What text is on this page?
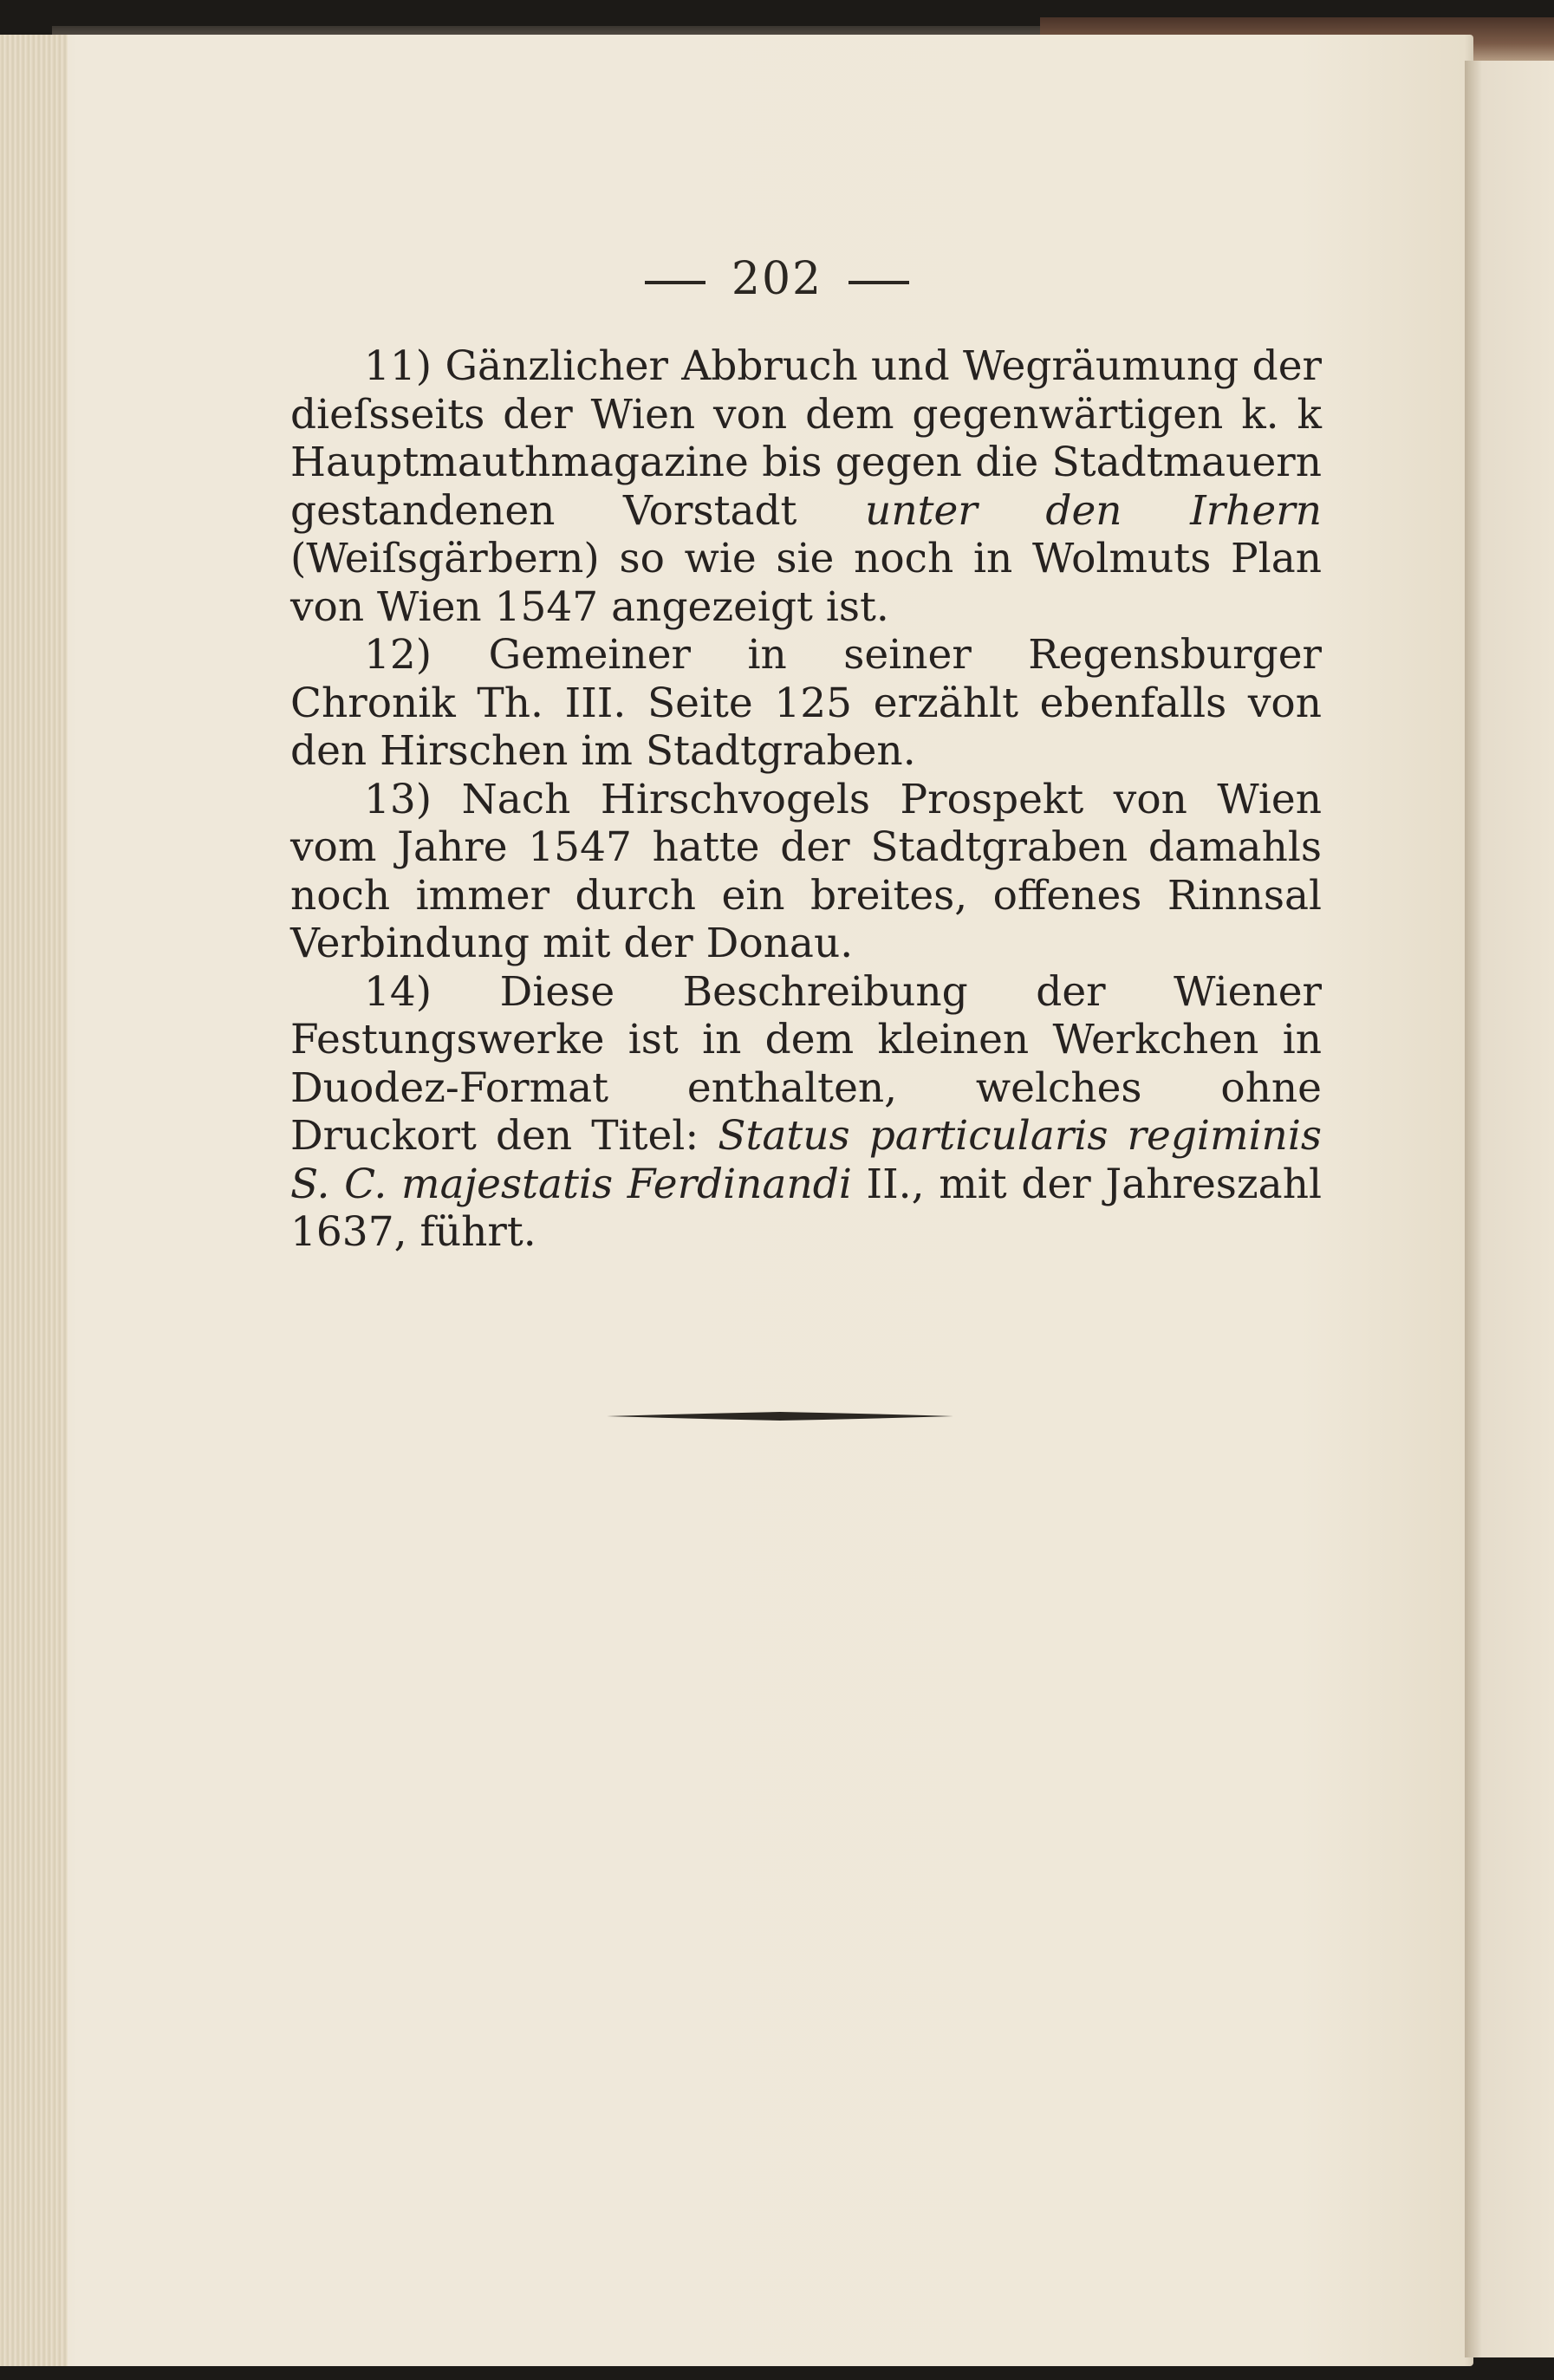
202

11) Gänzlicher Abbruch und Wegräumung der dieſsseits der Wien von dem gegenwärtigen k. k Hauptmauthmagazine bis gegen die Stadtmauern gestandenen Vorstadt unter den Irhern (Weiſsgärbern) so wie sie noch in Wolmuts Plan von Wien 1547 angezeigt ist.

12) Gemeiner in seiner Regensburger Chronik Th. III. Seite 125 erzählt ebenfalls von den Hirschen im Stadtgraben.

13) Nach Hirschvogels Prospekt von Wien vom Jahre 1547 hatte der Stadtgraben damahls noch immer durch ein breites, offenes Rinnsal Verbindung mit der Donau.

14) Diese Beschreibung der Wiener Festungswerke ist in dem kleinen Werkchen in Duodez-Format enthalten, welches ohne Druckort den Titel: Status particularis regiminis S. C. majestatis Ferdinandi II., mit der Jahreszahl 1637, führt.
